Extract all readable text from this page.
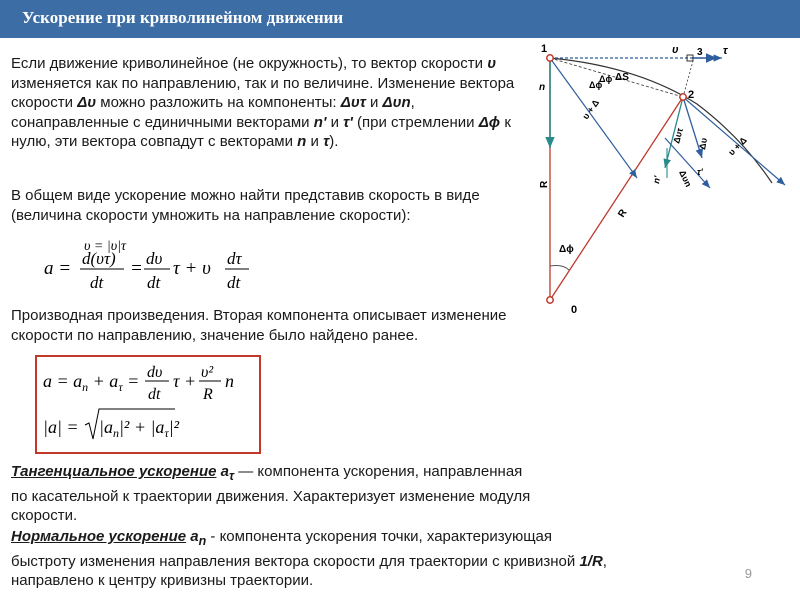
Ускорение при криволинейном движении
Если движение криволинейное (не окружность), то вектор скорости υ изменяется как по направлению, так и по величине. Изменение вектора скорости Δυ можно разложить на компоненты: Δυτ и Δυn, сонаправленные с единичными векторами n' и τ' (при стремлении Δϕ к нулю, эти вектора совпадут с векторами n и τ).
В общем виде ускорение можно найти представив скорость в виде (величина скорости умножить на направление скорости):
υ = |υ|τ
a = d(υτ)
dt
= dυ
dt
τ + υ dτ
dt
Производная произведения. Вторая компонента описывает изменение скорости по направлению, значение было найдено ранее.
$a = a_n + a_\tau = d\upsilon$
dt
τ + υ²
R
n
$|a| = |a_n|^2 + |a_\tau|^2$
Тангенциальное ускорение $a_\tau$ — компонента ускорения, направленная по касательной к траектории движения. Характеризует изменение модуля скорости.
Нормальное ускорение $a_n$ - компонента ускорения точки, характеризующая быстроту изменения направления вектора скорости для траектории с кривизной 1/R, направлено к центру кривизны траектории.
1
2
3
0
υ	τ
n
ΔS
Δϕ
Δϕ
Δϕ
R
R
υ + Δ
υ + Δ
Δυτ Δυ
Δυn
n'
τ'
9
